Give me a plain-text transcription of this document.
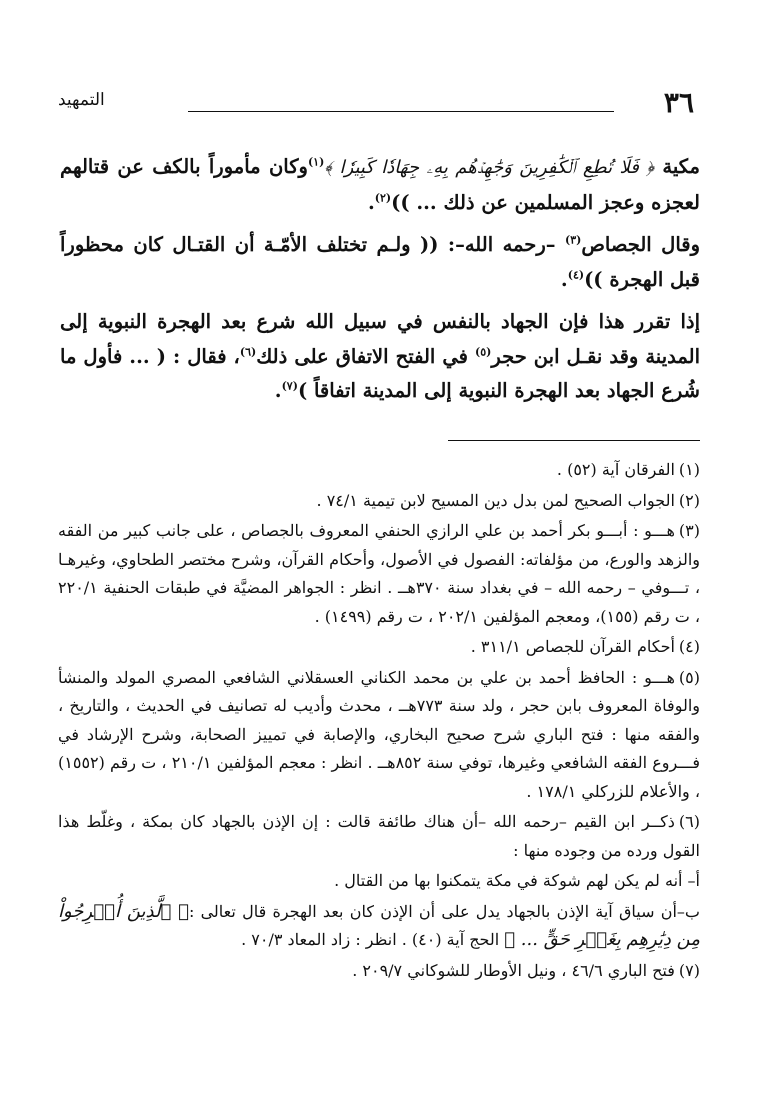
٣٦
التمهيد

مكية ﴿ فَلَا تُطِعِ ٱلۡكَٰفِرِينَ وَجَٰهِدۡهُم بِهِۦ جِهَادٗا كَبِيرٗا ﴾$^{(١)}$وكان مأموراً بالكف عن قتالهم لعجزه وعجز المسلمين عن ذلك ... ))$^{(٢)}$.

وقال الجصاص$^{(٣)}$ –رحمه الله–: (( ولـم تختلف الأمّـة أن القتـال كان محظوراً قبل الهجرة ))$^{(٤)}$.

إذا تقرر هذا فإن الجهاد بالنفس في سبيل الله شرع بعد الهجرة النبوية إلى المدينة وقد نقـل ابن حجر$^{(٥)}$ في الفتح الاتفاق على ذلك$^{(٦)}$، فقال : ( ... فأول ما شُرع الجهاد بعد الهجرة النبوية إلى المدينة اتفاقاً )$^{(٧)}$.

(١)الفرقان آية (٥٢) .
(٢)الجواب الصحيح لمن بدل دين المسيح لابن تيمية ٧٤/١ .
(٣)هـــو : أبـــو بكر أحمد بن علي الرازي الحنفي المعروف بالجصاص ، على جانب كبير من الفقه والزهد والورع، من مؤلفاته: الفصول في الأصول، وأحكام القرآن، وشرح مختصر الطحاوي، وغيرهـا ، تـــوفي – رحمه الله – في بغداد سنة ٣٧٠هــ . انظر : الجواهر المضيَّة في طبقات الحنفية ٢٢٠/١ ، ت رقم (١٥٥)، ومعجم المؤلفين ٢٠٢/١ ، ت رقم (١٤٩٩) .
(٤)أحكام القرآن للجصاص ٣١١/١ .
(٥)هـــو : الحافظ أحمد بن علي بن محمد الكناني العسقلاني الشافعي المصري المولد والمنشأ والوفاة المعروف بابن حجر ، ولد سنة ٧٧٣هــ ، محدث وأديب له تصانيف في الحديث ، والتاريخ ، والفقه منها : فتح الباري شرح صحيح البخاري، والإصابة في تمييز الصحابة، وشرح الإرشاد في فـــروع الفقه الشافعي وغيرها، توفي سنة ٨٥٢هــ . انظر : معجم المؤلفين ٢١٠/١ ، ت رقم (١٥٥٢) ، والأعلام للزركلي ١٧٨/١ .
(٦)ذكــر ابن القيم –رحمه الله –أن هناك طائفة قالت : إن الإذن بالجهاد كان بمكة ، وغلّط هذا القول ورده من وجوده منها :
أ– أنه لم يكن لهم شوكة في مكة يتمكنوا بها من القتال .
ب–أن سياق آية الإذن بالجهاد يدل على أن الإذن كان بعد الهجرة قال تعالى :﴿ ٱلَّذِينَ أُخۡرِجُواْ مِن دِيَٰرِهِم بِغَيۡرِ حَقٍّ ... ﴾ الحج آية (٤٠) . انظر : زاد المعاد ٧٠/٣ .
(٧)فتح الباري ٤٦/٦ ، ونيل الأوطار للشوكاني ٢٠٩/٧ .
